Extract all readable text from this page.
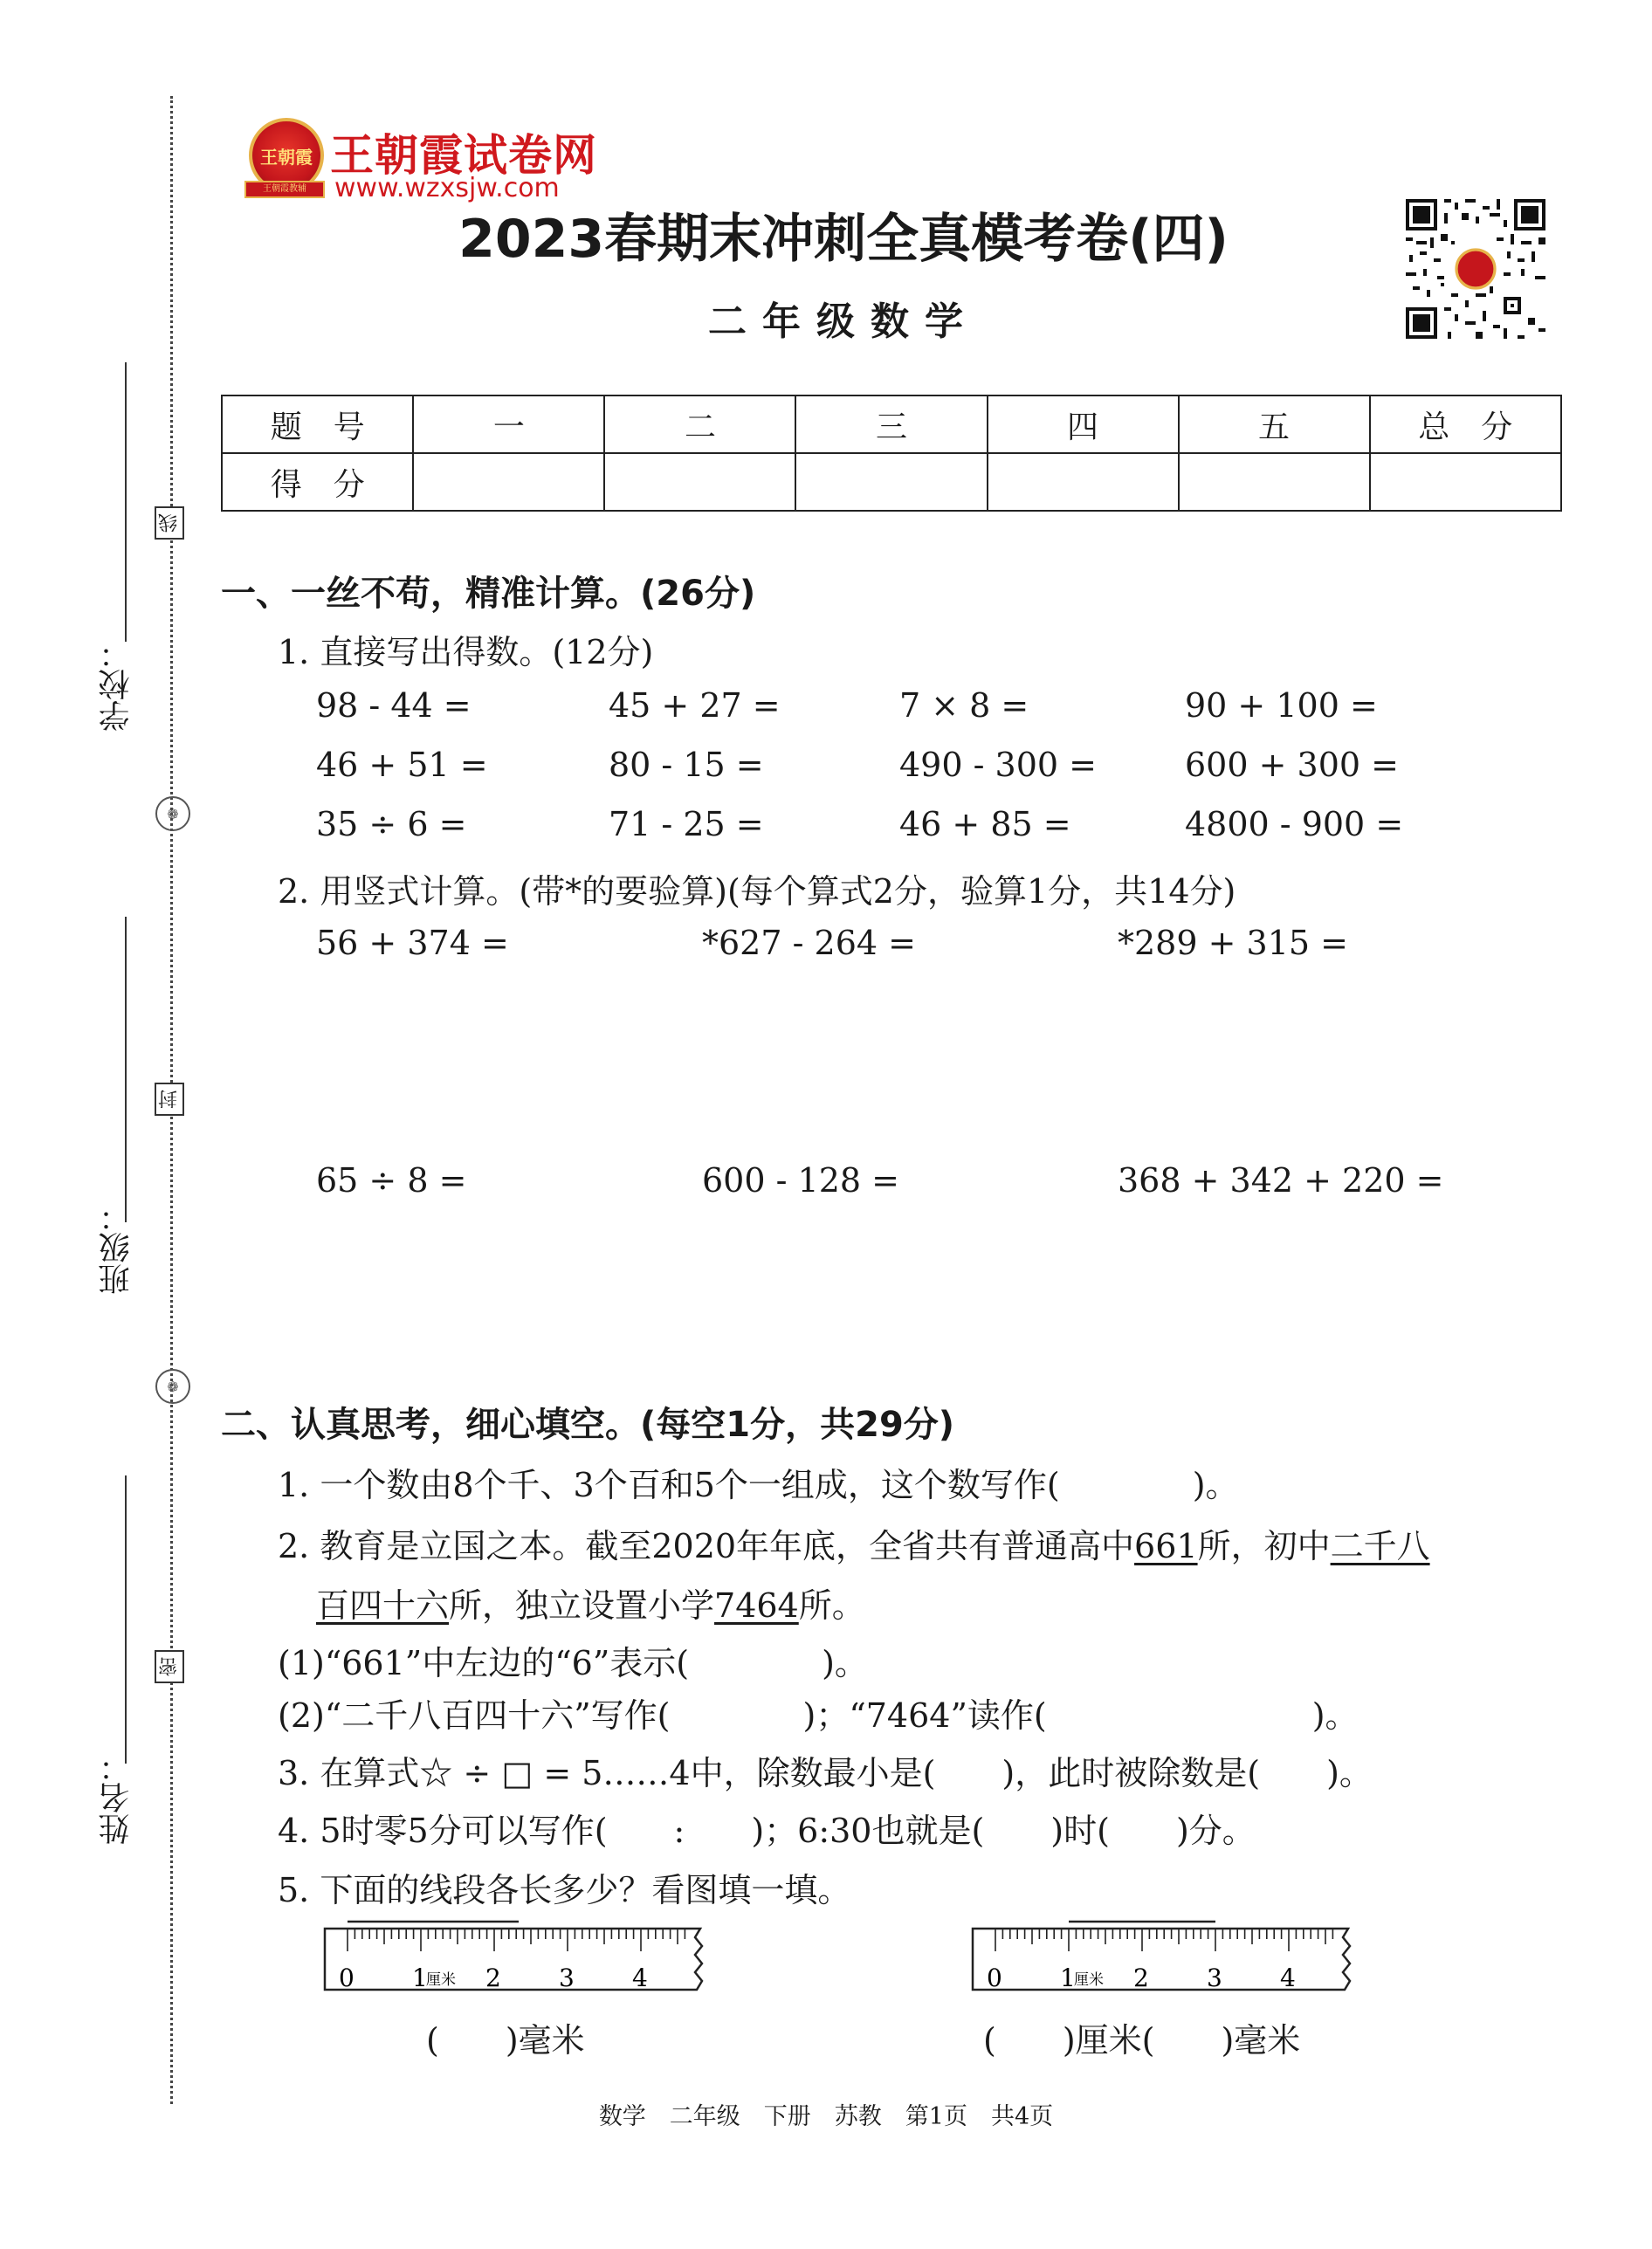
学校：
班级：
姓名：
线
封
密
❁
❁
王朝霞
王朝霞教辅
王朝霞试卷网
www.wzxsjw.com
2023春期末冲刺全真模考卷(四)
二年级数学
题　号	一	二	三	四	五	总　分
得　分						
一、一丝不苟，精准计算。(26分)
1. 直接写出得数。(12分)
98 - 44 =	45 + 27 =	7 × 8 =	90 + 100 =
46 + 51 =	80 - 15 =	490 - 300 =	600 + 300 =
35 ÷ 6 =	71 - 25 =	46 + 85 =	4800 - 900 =
2. 用竖式计算。(带*的要验算)(每个算式2分，验算1分，共14分)
56 + 374 =	*627 - 264 =	*289 + 315 =
65 ÷ 8 =	600 - 128 =	368 + 342 + 220 =
二、认真思考，细心填空。(每空1分，共29分)
1. 一个数由8个千、3个百和5个一组成，这个数写作(　　　　)。
2. 教育是立国之本。截至2020年年底，全省共有普通高中661所，初中二千八
百四十六所，独立设置小学7464所。
(1)“661”中左边的“6”表示(　　　　)。
(2)“二千八百四十六”写作(　　　　)；“7464”读作(　　　　　　　　)。
3. 在算式☆ ÷ □ = 5……4中，除数最小是(　　)，此时被除数是(　　)。
4. 5时零5分可以写作(　　:　　)；6:30也就是(　　)时(　　)分。
5. 下面的线段各长多少？看图填一填。
0 1
厘米 2 3 4	0 1
厘米 2 3 4
(　　)毫米	(　　)厘米(　　)毫米
数学　二年级　下册　苏教　第1页　共4页
